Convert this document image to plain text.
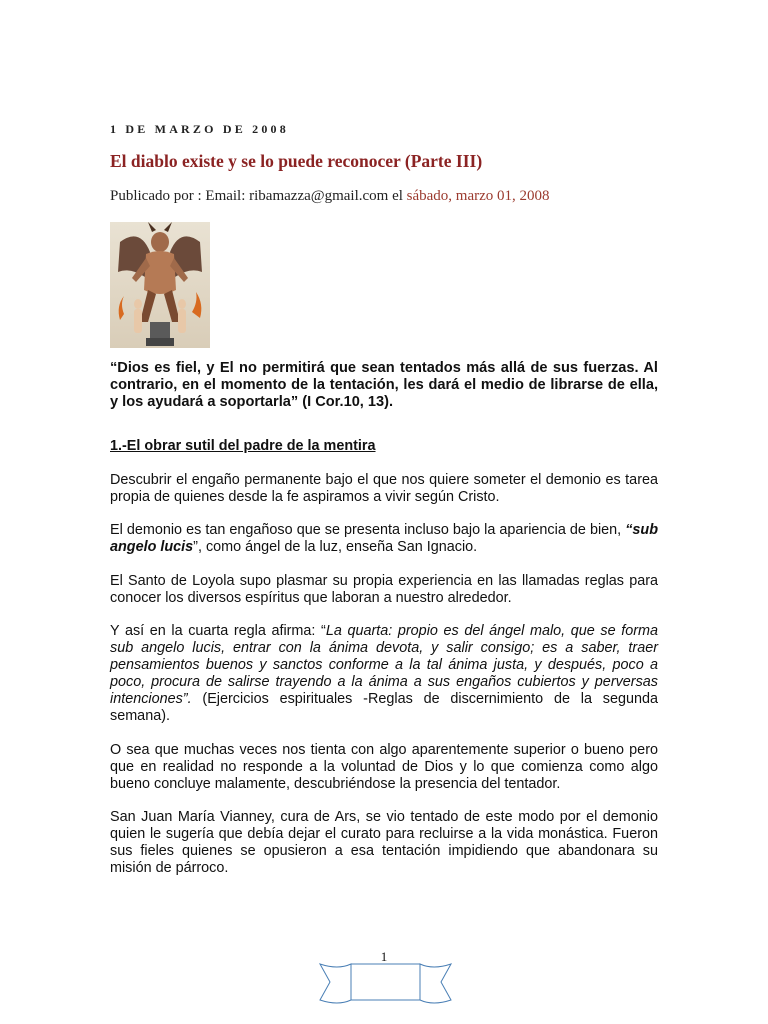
1 DE MARZO DE 2008
El diablo existe y se lo puede reconocer (Parte III)
Publicado por : Email: ribamazza@gmail.com el sábado, marzo 01, 2008

“Dios es fiel, y El no permitirá que sean tentados más allá de sus fuerzas. Al contrario, en el momento de la tentación, les dará el medio de librarse de ella, y los ayudará a soportarla” (I Cor.10, 13).

1.-El obrar sutil del padre de la mentira

Descubrir el engaño permanente bajo el que nos quiere someter el demonio es tarea propia de quienes desde la fe aspiramos a vivir según Cristo.

El demonio es tan engañoso que se presenta incluso bajo la apariencia de bien, “sub angelo lucis”, como ángel de la luz, enseña San Ignacio.

El Santo de Loyola supo plasmar su propia experiencia en las llamadas reglas para conocer los diversos espíritus que laboran a nuestro alrededor.

Y así en la cuarta regla afirma: “La quarta: propio es del ángel malo, que se forma sub angelo lucis, entrar con la ánima devota, y salir consigo; es a saber, traer pensamientos buenos y sanctos conforme a la tal ánima justa, y después, poco a poco, procura de salirse trayendo a la ánima a sus engaños cubiertos y perversas intenciones”. (Ejercicios espirituales -Reglas de discernimiento de la segunda semana).

O sea que muchas veces nos tienta con algo aparentemente superior o bueno pero que en realidad no responde a la voluntad de Dios y lo que comienza como algo bueno concluye malamente, descubriéndose la presencia del tentador.

San Juan María Vianney, cura de Ars, se vio tentado de este modo por el demonio quien le sugería que debía dejar el curato para recluirse a la vida monástica. Fueron sus fieles quienes se opusieron a esa tentación impidiendo que abandonara su misión de párroco.

1
